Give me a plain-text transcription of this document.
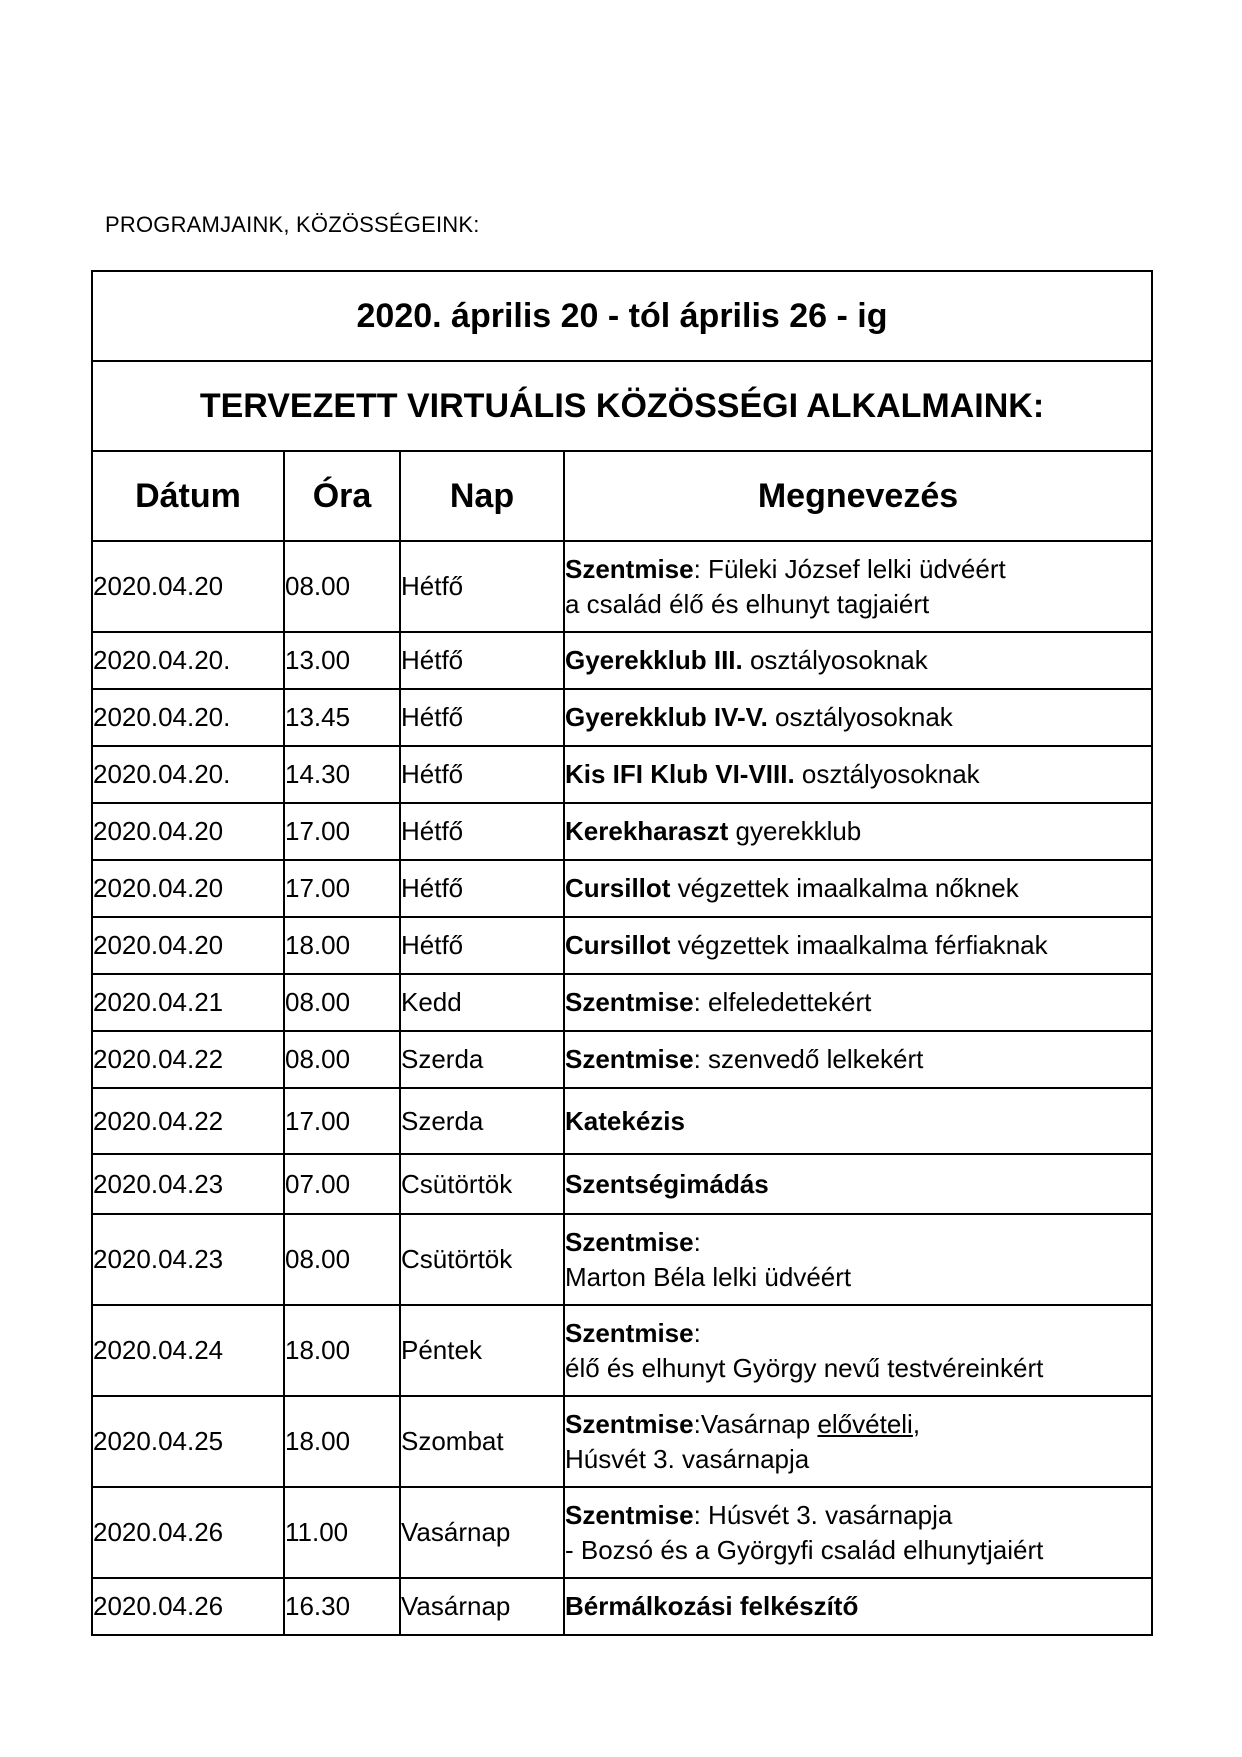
PROGRAMJAINK, KÖZÖSSÉGEINK:
2020. április 20 - tól április 26 - ig			
TERVEZETT VIRTUÁLIS KÖZÖSSÉGI ALKALMAINK:			
Dátum	Óra	Nap	Megnevezés
2020.04.20	08.00	Hétfő	Szentmise: Füleki József lelki üdvéért
a család élő és elhunyt tagjaiért

2020.04.20.	13.00	Hétfő	Gyerekklub III. osztályosoknak

2020.04.20.	13.45	Hétfő	Gyerekklub IV-V. osztályosoknak

2020.04.20.	14.30	Hétfő	Kis IFI Klub VI-VIII. osztályosoknak

2020.04.20	17.00	Hétfő	Kerekharaszt gyerekklub

2020.04.20	17.00	Hétfő	Cursillot végzettek imaalkalma nőknek

2020.04.20	18.00	Hétfő	Cursillot végzettek imaalkalma férfiaknak

2020.04.21	08.00	Kedd	Szentmise: elfeledettekért

2020.04.22	08.00	Szerda	Szentmise: szenvedő lelkekért

2020.04.22	17.00	Szerda	Katekézis

2020.04.23	07.00	Csütörtök	Szentségimádás

2020.04.23	08.00	Csütörtök	Szentmise:
Marton Béla lelki üdvéért

2020.04.24	18.00	Péntek	Szentmise:
élő és elhunyt György nevű testvéreinkért

2020.04.25	18.00	Szombat	Szentmise:Vasárnap elővételi,
Húsvét 3. vasárnapja

2020.04.26	11.00	Vasárnap	Szentmise: Húsvét 3. vasárnapja
- Bozsó és a Györgyfi család elhunytjaiért

2020.04.26	16.30	Vasárnap	Bérmálkozási felkészítő
